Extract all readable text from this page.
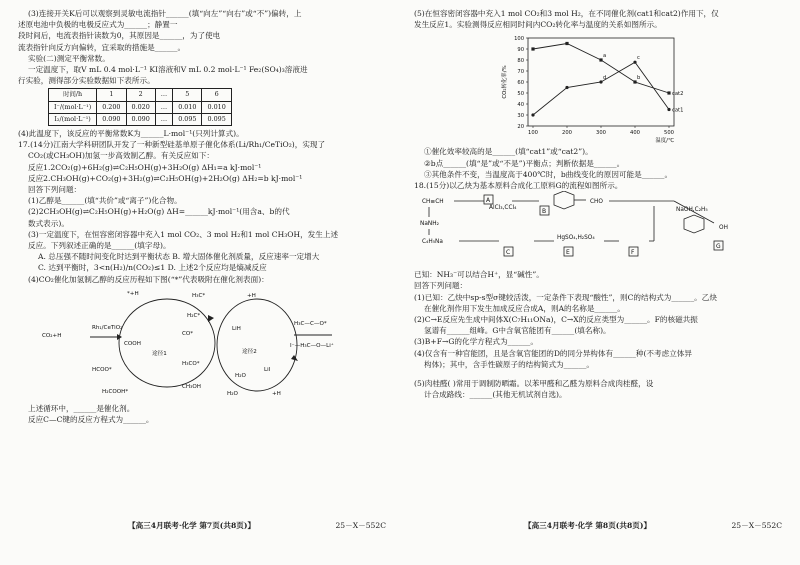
(3)连接开关K后可以观察到灵敏电流指针______(填“向左”“向右”或“不”)偏转，上
述原电池中负极的电极反应式为______；静置一
段时间后，电流表指针读数为0，其原因是______，为了使电
流表指针向反方向偏转，宜采取的措施是______。
实验(二)测定平衡常数。
一定温度下，取V mL 0.4 mol·L⁻¹ KI溶液和V mL 0.2 mol·L⁻¹ Fe₂(SO₄)₃溶液进
行实验，测得部分实验数据如下表所示。
时间/h	1	2	…	5	6
I⁻/(mol·L⁻¹)	0.200	0.020	…	0.010	0.010
I₂/(mol·L⁻¹)	0.090	0.090	…	0.095	0.095
(4)此温度下，该反应的平衡常数K为______L·mol⁻¹(只列计算式)。
17.(14分)江南大学科研团队开发了一种新型硅基单原子催化体系(Li/Rh₁/CeTiO₂)，实现了
CO₂(或CH₃OH)加氢一步高效制乙醇。有关反应如下：
反应1.2CO₂(g)+6H₂(g)⇌C₂H₅OH(g)+3H₂O(g) ΔH₁=a kJ·mol⁻¹
反应2.CH₃OH(g)+CO₂(g)+3H₂(g)⇌C₂H₅OH(g)+2H₂O(g) ΔH₂=b kJ·mol⁻¹
回答下列问题：
(1)乙醇是______(填“共价”或“离子”)化合物。
(2)2CH₃OH(g)⇌C₂H₅OH(g)+H₂O(g) ΔH=______kJ·mol⁻¹(用含a、b的代
数式表示)。
(3)一定温度下，在恒容密闭容器中充入1 mol CO₂、3 mol H₂和1 mol CH₃OH，发生上述
反应。下列叙述正确的是______(填字母)。
A. 总压强不随时间变化时达到平衡状态 B. 增大固体催化剂质量，反应速率一定增大
C. 达到平衡时，3<n(H₂)/n(CO₂)≤1 D. 上述2个反应均是熵减反应
(4)CO₂催化加氢制乙醇的反应历程如下图(“*”代表吸附在催化剂表面)：
*+H	H₃C*	+H
CO₂+H
Rh₁/CeTiO₂
COOH
CO*
H₂C*
途径1
HCOO*
H₂COOH*
H₃CO*
CH₃OH
H₂O
LiI
途径2
LiH
I⁻—H₃C—O—Li⁺
H₃C—C—O*
+H
H₂O
上述循环中，______是催化剂。
反应C—C键的反应方程式为______。
【高三4月联考·化学 第7页(共8页)】	25－X－552C
(5)在恒容密闭容器中充入1 mol CO₂和3 mol H₂，在不同催化剂(cat1和cat2)作用下，仅
发生反应1。实验测得反应相同时间内CO₂转化率与温度的关系如图所示。
20
30
40
50
60
70
80
90
100
100	200	300	400	500
温度/℃
CO₂转化率/%
cat1
cat2
a
b
c
d
①催化效率较高的是______(填“cat1”或“cat2”)。
②b点______(填“是”或“不是”)平衡点；判断依据是______。
③其他条件不变，当温度高于400℃时，b曲线变化的原因可能是______。
18.(15分)以乙炔为基本原料合成化工原料G的流程如图所示。
CH≡CH
AlCl₃,CCl₄
CHO
NaOH,C₂H₅
NaNH₂
C₄H₅Na
HgSO₄,H₂SO₄
OH
A
B
C	E	F
G
已知：NH₃⁻可以结合H⁺，显“碱性”。
回答下列问题：
(1)已知：乙炔中sp-s型σ键较活泼，一定条件下表现“酸性”，则C的结构式为______。乙炔
在催化剂作用下发生加成反应合成A，则A的名称是______。
(2)C→E反应先生成中间体X(C₇H₁₁ONa)，C→X的反应类型为______。F的核磁共振
氢谱有______组峰。G中含氧官能团有______(填名称)。
(3)B+F→G的化学方程式为______。
(4)仅含有一种官能团，且是含氧官能团的D的同分异构体有______种(不考虑立体异
构体)；其中，含手性碳原子的结构简式为______。
(5)肉桂醛( )常用于调制防晒霜。以苯甲醛和乙醛为原料合成肉桂醛，设
计合成路线：______(其他无机试剂自选)。
【高三4月联考·化学 第8页(共8页)】	25－X－552C
